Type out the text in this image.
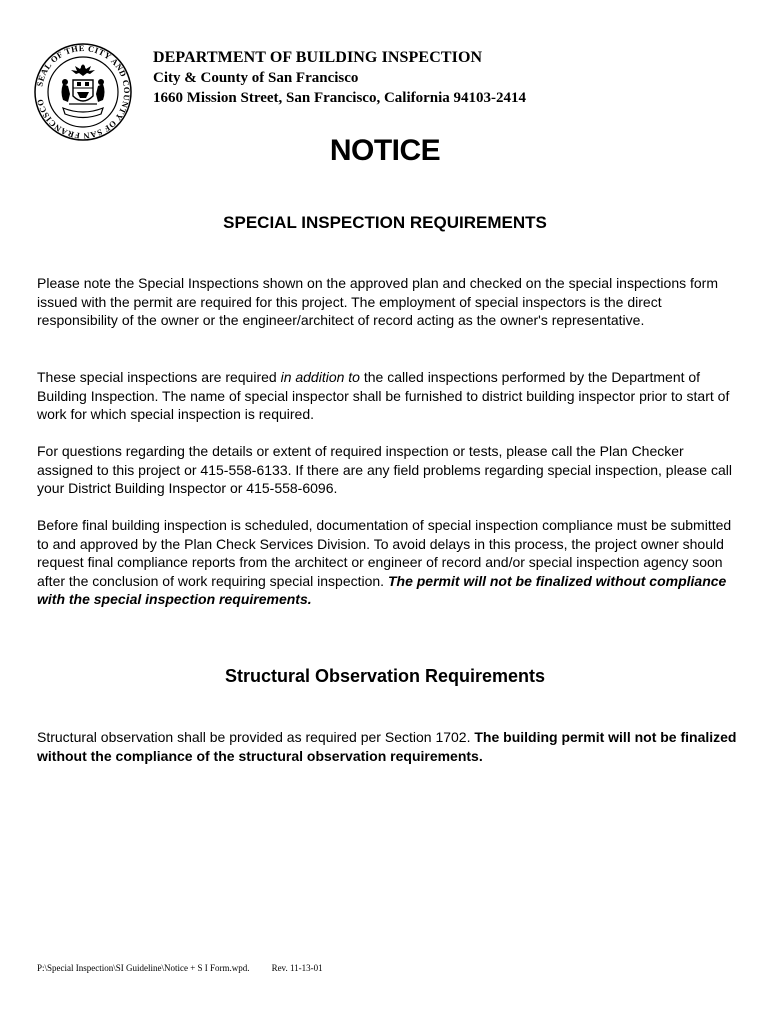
SEAL OF THE CITY AND COUNTY OF SAN FRANCISCO
DEPARTMENT OF BUILDING INSPECTION
City & County of San Francisco
1660 Mission Street, San Francisco, California 94103-2414
NOTICE
SPECIAL INSPECTION REQUIREMENTS
Please note the Special Inspections shown on the approved plan and checked on the special inspections form issued with the permit are required for this project. The employment of special inspectors is the direct responsibility of the owner or the engineer/architect of record acting as the owner's representative.
These special inspections are required in addition to the called inspections performed by the Department of Building Inspection. The name of special inspector shall be furnished to district building inspector prior to start of work for which special inspection is required.
For questions regarding the details or extent of required inspection or tests, please call the Plan Checker assigned to this project or 415-558-6133. If there are any field problems regarding special inspection, please call your District Building Inspector or 415-558-6096.
Before final building inspection is scheduled, documentation of special inspection compliance must be submitted to and approved by the Plan Check Services Division. To avoid delays in this process, the project owner should request final compliance reports from the architect or engineer of record and/or special inspection agency soon after the conclusion of work requiring special inspection. The permit will not be finalized without compliance with the special inspection requirements.
Structural Observation Requirements
Structural observation shall be provided as required per Section 1702. The building permit will not be finalized without the compliance of the structural observation requirements.
P:\Special Inspection\SI Guideline\Notice + S I Form.wpd. Rev. 11-13-01
